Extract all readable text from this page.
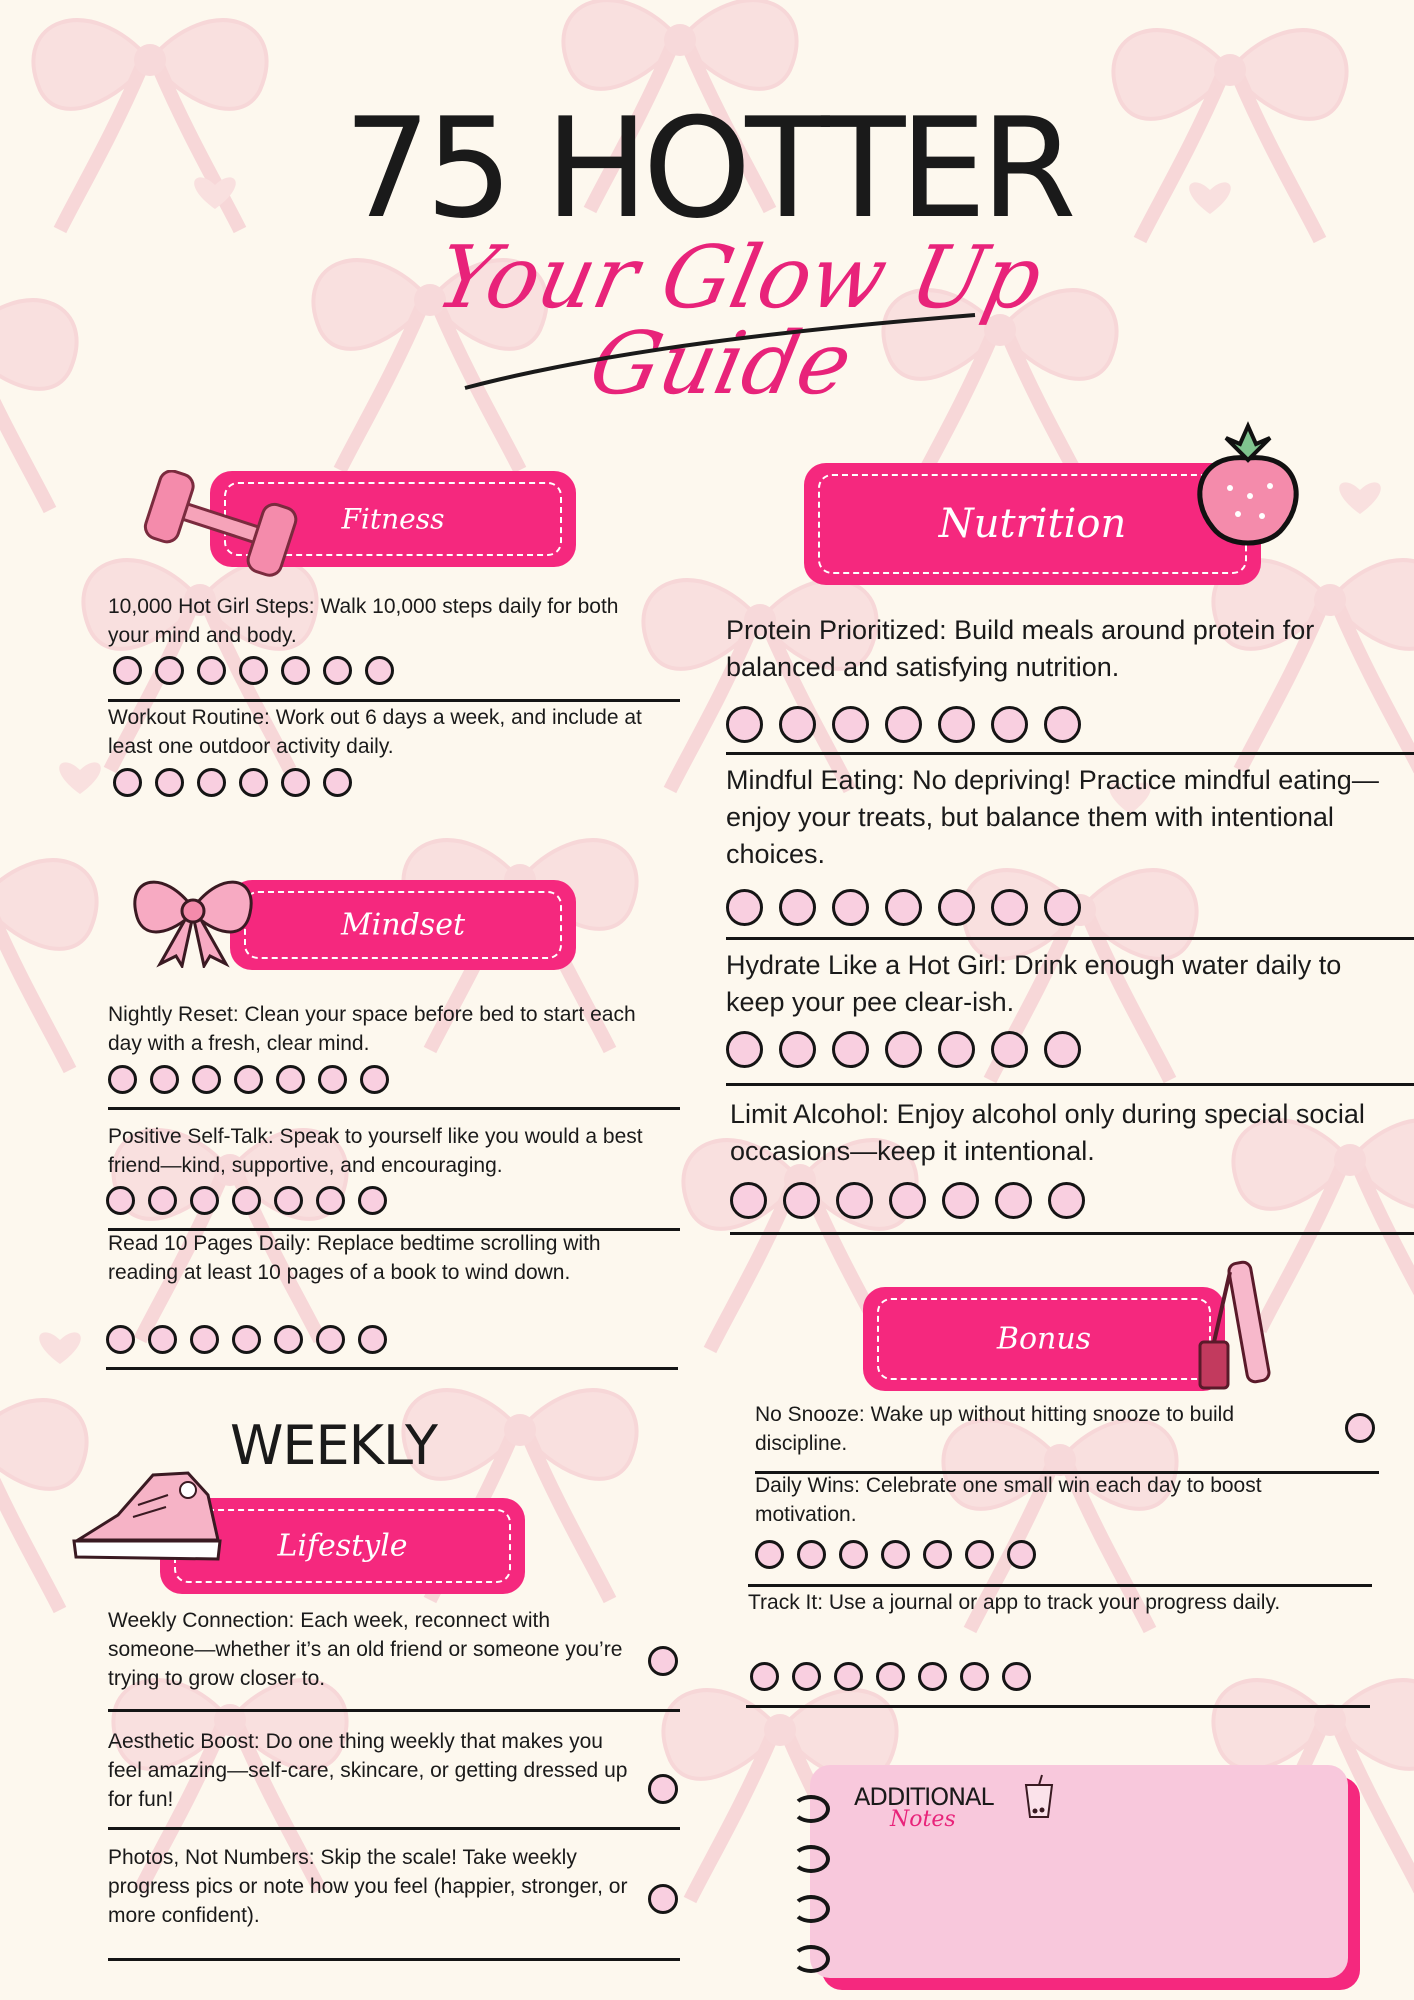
75 HOTTER
Your Glow Up Guide
Fitness
10,000 Hot Girl Steps: Walk 10,000 steps daily for both your mind and body.
Workout Routine: Work out 6 days a week, and include at least one outdoor activity daily.
Mindset
Nightly Reset: Clean your space before bed to start each day with a fresh, clear mind.
Positive Self-Talk: Speak to yourself like you would a best friend—kind, supportive, and encouraging.
Read 10 Pages Daily: Replace bedtime scrolling with reading at least 10 pages of a book to wind down.
WEEKLY
Lifestyle
Weekly Connection: Each week, reconnect with someone—whether it’s an old friend or someone you’re trying to grow closer to.
Aesthetic Boost: Do one thing weekly that makes you feel amazing—self-care, skincare, or getting dressed up for fun!
Photos, Not Numbers: Skip the scale! Take weekly progress pics or note how you feel (happier, stronger, or more confident).
Nutrition
Protein Prioritized: Build meals around protein for balanced and satisfying nutrition.
Mindful Eating: No depriving! Practice mindful eating—enjoy your treats, but balance them with intentional choices.
Hydrate Like a Hot Girl: Drink enough water daily to keep your pee clear-ish.
Limit Alcohol: Enjoy alcohol only during special social occasions—keep it intentional.
Bonus
No Snooze: Wake up without hitting snooze to build discipline.
Daily Wins: Celebrate one small win each day to boost motivation.
Track It: Use a journal or app to track your progress daily.
ADDITIONAL
Notes
